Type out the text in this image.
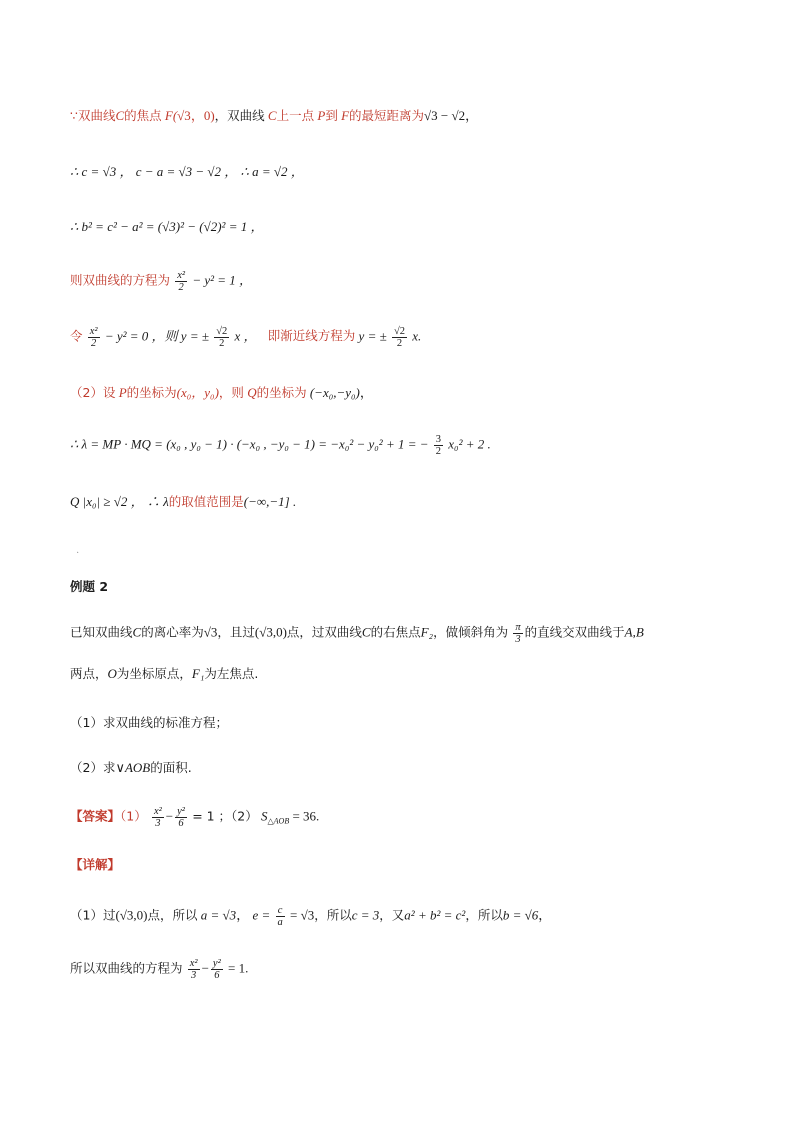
∵双曲线C的焦点 F(√3，0)，双曲线 C上一点 P到 F的最短距离为√3 − √2，
∴ c = √3 ， c − a = √3 − √2 ， ∴ a = √2 ，
∴ b² = c² − a² = (√3)² − (√2)² = 1 ，
则双曲线的方程为 $\frac{\text{x²}}{2} - y^2 = 1$ ，
令 $\frac{\text{x²}}{2} - y^2 = 0$ ，则 y = ± $\frac{√2}{2}$ x ， 即渐近线方程为 y = ± $\frac{√2}{2} x$.
（2）设 P的坐标为(x₀，y₀)，则 Q的坐标为 (−x₀,−y₀)，
∴ λ = MP · MQ = (x₀ , y₀ − 1) · (−x₀ , −y₀ − 1) = −x₀² − y₀² + 1 = − $\frac{3}{2} x_0^2 + 2$ .
Q |x₀| ≥ √2 ， ∴ λ的取值范围是(−∞,−1] .
·
例题 2
已知双曲线C的离心率为√3，且过(√3,0)点，过双曲线C的右焦点F₂，做倾斜角为 $\frac{\pi}{3}$ 的直线交双曲线于A,B
两点，O为坐标原点，F₁为左焦点.
（1）求双曲线的标准方程；
（2）求∨AOB的面积.
【答案】$(1) \frac{\text{x²}}{3} - \frac{\text{y²}}{6} = 1$ ；（2） $S_{\triangle AOB} = 36$.
【详解】
（1）过(√3,0)点，所以 a = √3， $e = \frac{c}{a} = √3$，所以c = 3，又a² + b² = c²，所以b = √6，
所以双曲线的方程为 $\frac{\text{x²}}{3} - \frac{\text{y²}}{6} = 1$.
